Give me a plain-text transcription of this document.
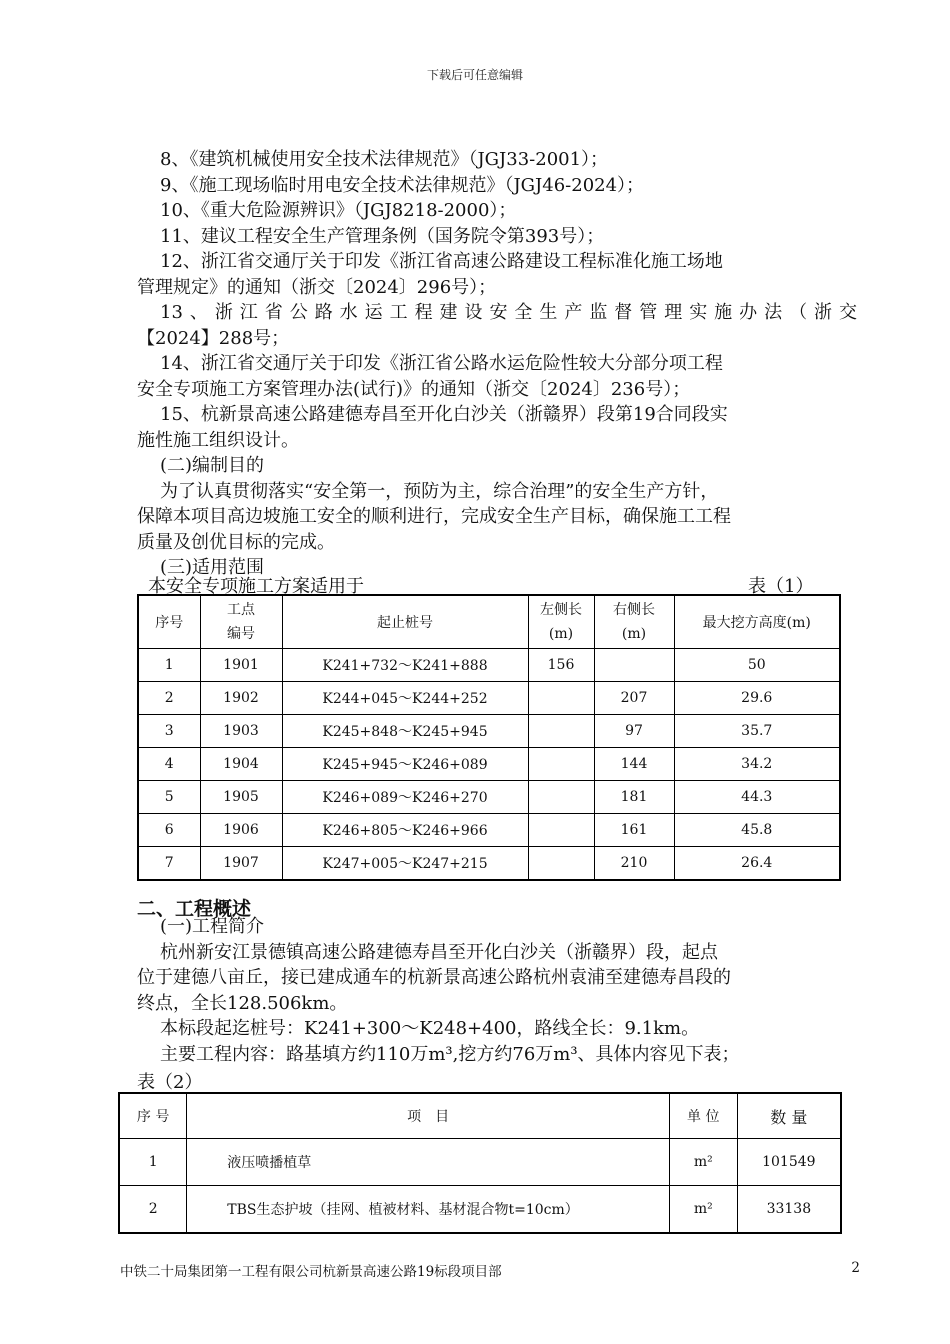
下载后可任意编辑
8、《建筑机械使用安全技术法律规范》（JGJ33-2001）；
9、《施工现场临时用电安全技术法律规范》（JGJ46-2024）；
10、《重大危险源辨识》（JGJ8218-2000）；
11、建议工程安全生产管理条例（国务院令第393号）；
12、浙江省交通厅关于印发《浙江省高速公路建设工程标准化施工场地
管理规定》的通知（浙交〔2024〕296号）；
13、浙江省公路水运工程建设安全生产监督管理实施办法（浙交
【2024】288号；
14、浙江省交通厅关于印发《浙江省公路水运危险性较大分部分项工程
安全专项施工方案管理办法(试行)》的通知（浙交〔2024〕236号）；
15、杭新景高速公路建德寿昌至开化白沙关（浙赣界）段第19合同段实
施性施工组织设计。
(二)编制目的
为了认真贯彻落实“安全第一，预防为主，综合治理”的安全生产方针，
保障本项目高边坡施工安全的顺利进行，完成安全生产目标，确保施工工程
质量及创优目标的完成。
(三)适用范围
本安全专项施工方案适用于	表（1）
序号	工点编号	起止桩号	左侧长(m)	右侧长(m)	最大挖方高度(m)
1	1901	K241+732～K241+888	156		50
2	1902	K244+045～K244+252		207	29.6
3	1903	K245+848～K245+945		97	35.7
4	1904	K245+945～K246+089		144	34.2
5	1905	K246+089～K246+270		181	44.3
6	1906	K246+805～K246+966		161	45.8
7	1907	K247+005～K247+215		210	26.4
二、工程概述
(一)工程简介
杭州新安江景德镇高速公路建德寿昌至开化白沙关（浙赣界）段，起点
位于建德八亩丘，接已建成通车的杭新景高速公路杭州袁浦至建德寿昌段的
终点，全长128.506km。
本标段起迄桩号：K241+300～K248+400，路线全长：9.1km。
主要工程内容：路基填方约110万m³,挖方约76万m³、具体内容见下表；
表（2）
序 号	项　目	单 位	数 量
1	液压喷播植草	m²	101549
2	TBS生态护坡（挂网、植被材料、基材混合物t=10cm）	m²	33138
中铁二十局集团第一工程有限公司杭新景高速公路19标段项目部	2
